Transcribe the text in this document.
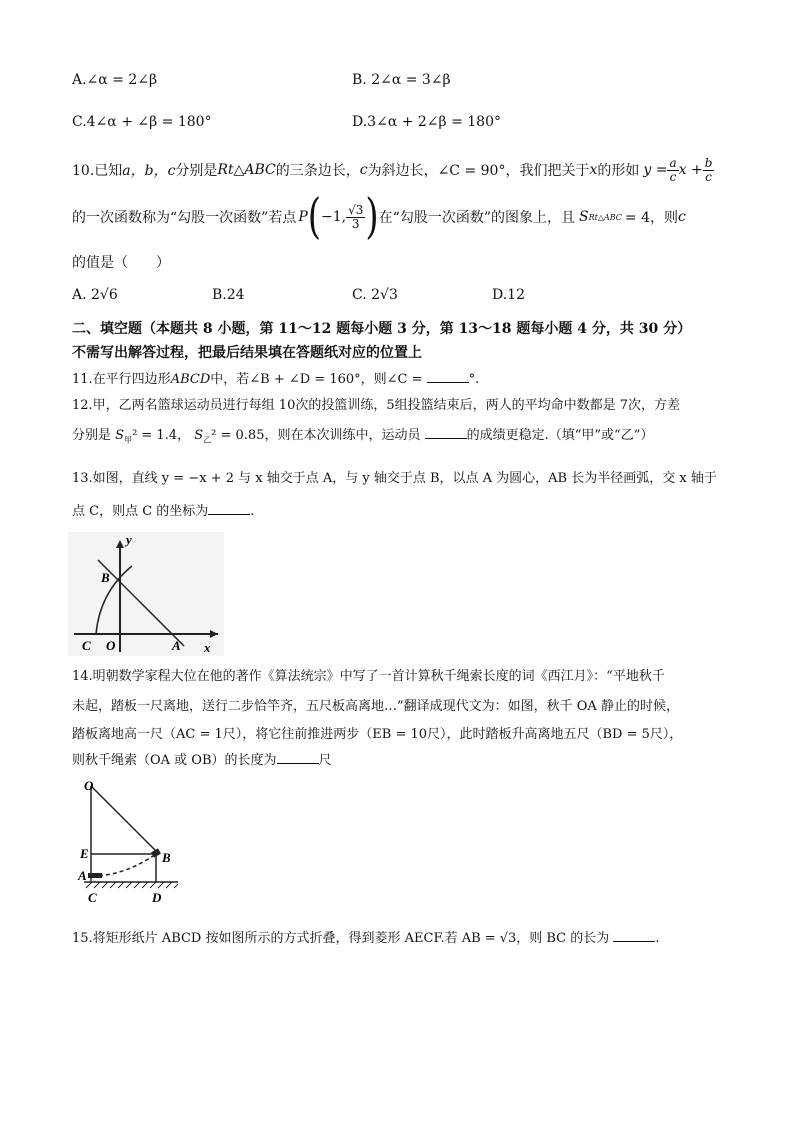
A.∠α = 2∠β	B. 2∠α = 3∠β
C.4∠α + ∠β = 180°	D.3∠α + 2∠β = 180°
10.已知 a，b，c 分别是 Rt△ABC 的三条边长， c 为斜边长，∠C = 90°，我们把关于 x 的形如 $y = \frac{a}{c}$ $x + \frac{b}{c}$
的一次函数称为“勾股一次函数”若点 P ( −1, $\frac{√3}{3}$ ) 在“勾股一次函数”的图象上，且 S Rt△ABC = 4，则 c
的值是（　　）
A. 2√6	B.24	C. 2√3	D.12
二、填空题（本题共 8 小题，第 11～12 题每小题 3 分，第 13～18 题每小题 4 分，共 30 分）
不需写出解答过程，把最后结果填在答题纸对应的位置上
11.在平行四边形ABCD中，若∠B + ∠D = 160°，则∠C =	°.
12.甲，乙两名篮球运动员进行每组 10次的投篮训练，5组投篮结束后，两人的平均命中数都是 7次，方差
分别是 $S_甲^2 = 1.4$， $S_乙^2 = 0.85$，则在本次训练中，运动员	的成绩更稳定.（填“甲”或“乙”）
13.如图，直线 y = −x + 2 与 x 轴交于点 A，与 y 轴交于点 B，以点 A 为圆心，AB 长为半径画弧，交 x 轴于
点 C，则点 C 的坐标为	.
y
x
B
C O	A
14.明朝数学家程大位在他的著作《算法统宗》中写了一首计算秋千绳索长度的词《西江月》：“平地秋千
未起，踏板一尺离地，送行二步恰竿齐，五尺板高离地…”翻译成现代文为：如图，秋千 OA 静止的时候，
踏板离地高一尺（AC = 1尺），将它往前推进两步（EB = 10尺），此时踏板升高离地五尺（BD = 5尺），
则秋千绳索（OA 或 OB）的长度为	尺
O
E	B
A
C	D
15.将矩形纸片 ABCD 按如图所示的方式折叠，得到菱形 AECF.若 AB = √3，则 BC 的长为	.
